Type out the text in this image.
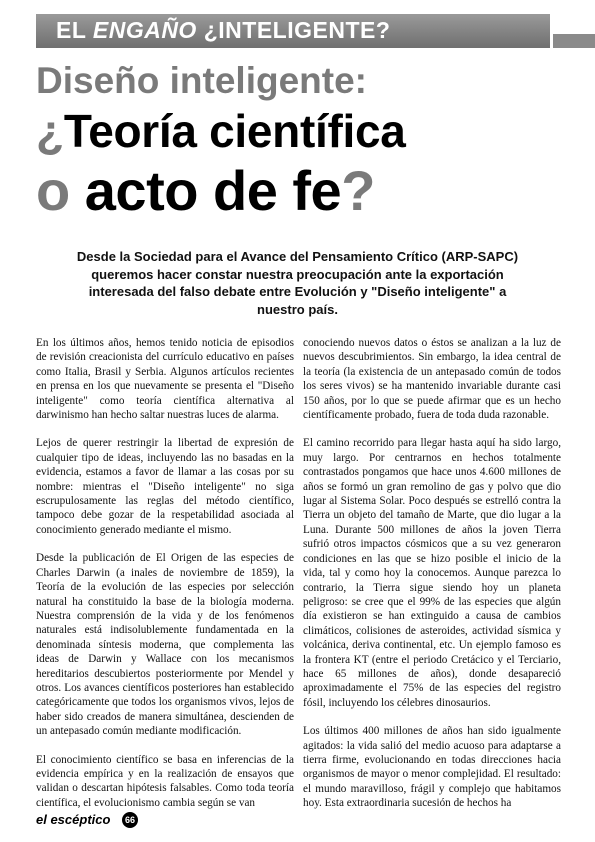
EL ENGAÑO ¿INTELIGENTE?
Diseño inteligente:
¿Teoría científica
o acto de fe?
Desde la Sociedad para el Avance del Pensamiento Crítico (ARP-SAPC) queremos hacer constar nuestra preocupación ante la exportación interesada del falso debate entre Evolución y "Diseño inteligente" a nuestro país.

En los últimos años, hemos tenido noticia de episodios de revisión creacionista del currículo educativo en países como Italia, Brasil y Serbia. Algunos artículos recientes en prensa en los que nuevamente se presenta el "Diseño inteligente" como teoría científica alternativa al darwinismo han hecho saltar nuestras luces de alarma.

Lejos de querer restringir la libertad de expresión de cualquier tipo de ideas, incluyendo las no basadas en la evidencia, estamos a favor de llamar a las cosas por su nombre: mientras el "Diseño inteligente" no siga escrupulosamente las reglas del método científico, tampoco debe gozar de la respetabilidad asociada al conocimiento generado mediante el mismo.

Desde la publicación de El Origen de las especies de Charles Darwin (a inales de noviembre de 1859), la Teoría de la evolución de las especies por selección natural ha constituido la base de la biología moderna. Nuestra comprensión de la vida y de los fenómenos naturales está indisolublemente fundamentada en la denominada síntesis moderna, que complementa las ideas de Darwin y Wallace con los mecanismos hereditarios descubiertos posteriormente por Mendel y otros. Los avances científicos posteriores han establecido categóricamente que todos los organismos vivos, lejos de haber sido creados de manera simultánea, descienden de un antepasado común mediante modificación.

El conocimiento científico se basa en inferencias de la evidencia empírica y en la realización de ensayos que validan o descartan hipótesis falsables. Como toda teoría científica, el evolucionismo cambia según se van

conociendo nuevos datos o éstos se analizan a la luz de nuevos descubrimientos. Sin embargo, la idea central de la teoría (la existencia de un antepasado común de todos los seres vivos) se ha mantenido invariable durante casi 150 años, por lo que se puede afirmar que es un hecho científicamente probado, fuera de toda duda razonable.

El camino recorrido para llegar hasta aquí ha sido largo, muy largo. Por centrarnos en hechos totalmente contrastados pongamos que hace unos 4.600 millones de años se formó un gran remolino de gas y polvo que dio lugar al Sistema Solar. Poco después se estrelló contra la Tierra un objeto del tamaño de Marte, que dio lugar a la Luna. Durante 500 millones de años la joven Tierra sufrió otros impactos cósmicos que a su vez generaron condiciones en las que se hizo posible el inicio de la vida, tal y como hoy la conocemos. Aunque parezca lo contrario, la Tierra sigue siendo hoy un planeta peligroso: se cree que el 99% de las especies que algún día existieron se han extinguido a causa de cambios climáticos, colisiones de asteroides, actividad sísmica y volcánica, deriva continental, etc. Un ejemplo famoso es la frontera KT (entre el periodo Cretácico y el Terciario, hace 65 millones de años), donde desapareció aproximadamente el 75% de las especies del registro fósil, incluyendo los célebres dinosaurios.

Los últimos 400 millones de años han sido igualmente agitados: la vida salió del medio acuoso para adaptarse a tierra firme, evolucionando en todas direcciones hacia organismos de mayor o menor complejidad. El resultado: el mundo maravilloso, frágil y complejo que habitamos hoy. Esta extraordinaria sucesión de hechos ha

el escéptico	66
